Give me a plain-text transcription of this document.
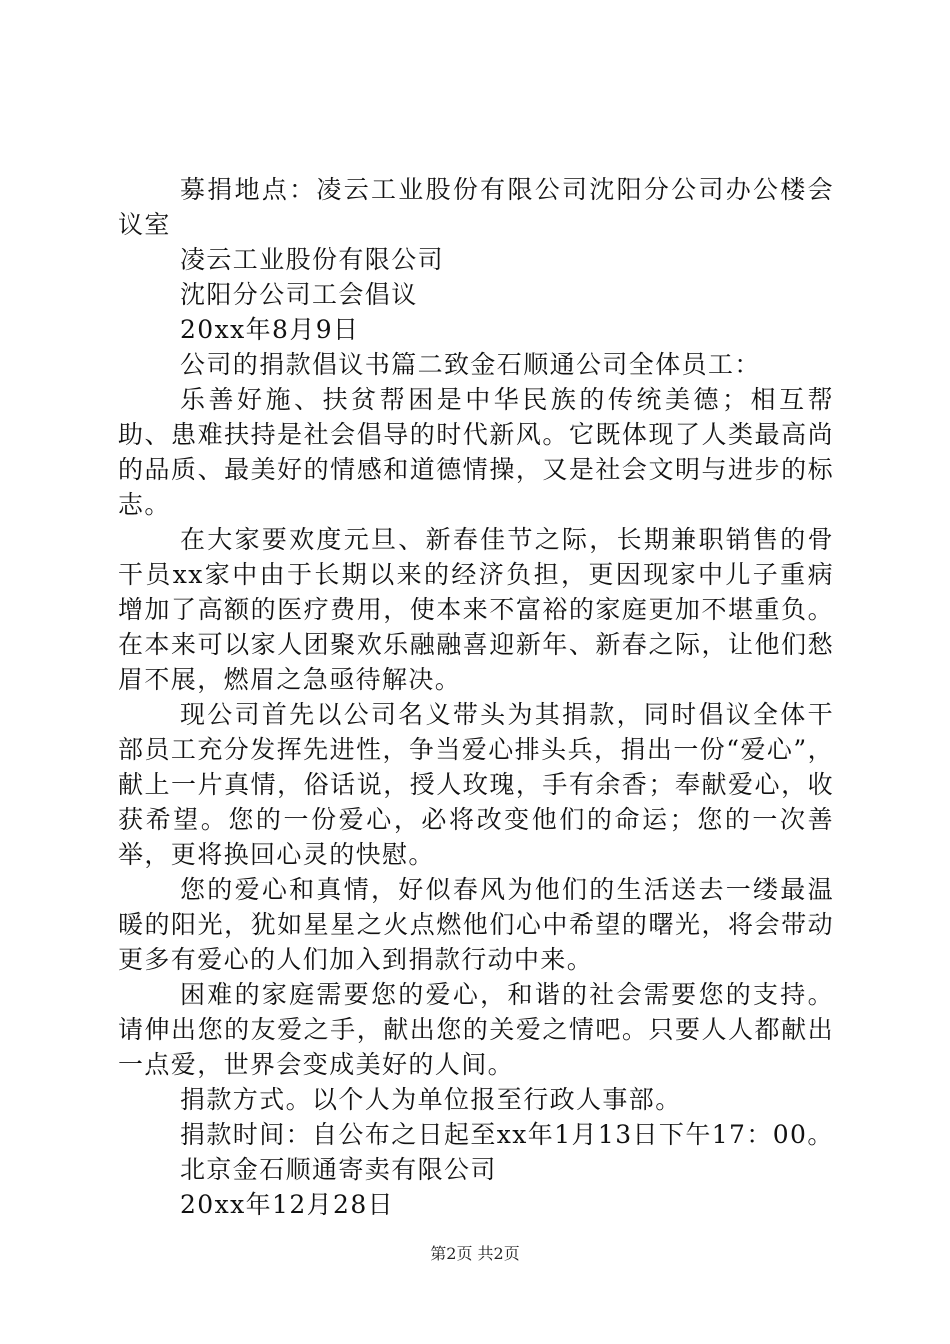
募捐地点：凌云工业股份有限公司沈阳分公司办公楼会议室

凌云工业股份有限公司

沈阳分公司工会倡议

20xx年8月9日

公司的捐款倡议书篇二致金石顺通公司全体员工：

乐善好施、扶贫帮困是中华民族的传统美德；相互帮助、患难扶持是社会倡导的时代新风。它既体现了人类最高尚的品质、最美好的情感和道德情操，又是社会文明与进步的标志。

在大家要欢度元旦、新春佳节之际，长期兼职销售的骨干员xx家中由于长期以来的经济负担，更因现家中儿子重病增加了高额的医疗费用，使本来不富裕的家庭更加不堪重负。在本来可以家人团聚欢乐融融喜迎新年、新春之际，让他们愁眉不展，燃眉之急亟待解决。

现公司首先以公司名义带头为其捐款，同时倡议全体干部员工充分发挥先进性，争当爱心排头兵，捐出一份“爱心”，献上一片真情，俗话说，授人玫瑰，手有余香；奉献爱心，收获希望。您的一份爱心，必将改变他们的命运；您的一次善举，更将换回心灵的快慰。

您的爱心和真情，好似春风为他们的生活送去一缕最温暖的阳光，犹如星星之火点燃他们心中希望的曙光，将会带动更多有爱心的人们加入到捐款行动中来。

困难的家庭需要您的爱心，和谐的社会需要您的支持。请伸出您的友爱之手，献出您的关爱之情吧。只要人人都献出一点爱，世界会变成美好的人间。

捐款方式。以个人为单位报至行政人事部。

捐款时间：自公布之日起至xx年1月13日下午17：00。

北京金石顺通寄卖有限公司

20xx年12月28日

第2页 共2页
